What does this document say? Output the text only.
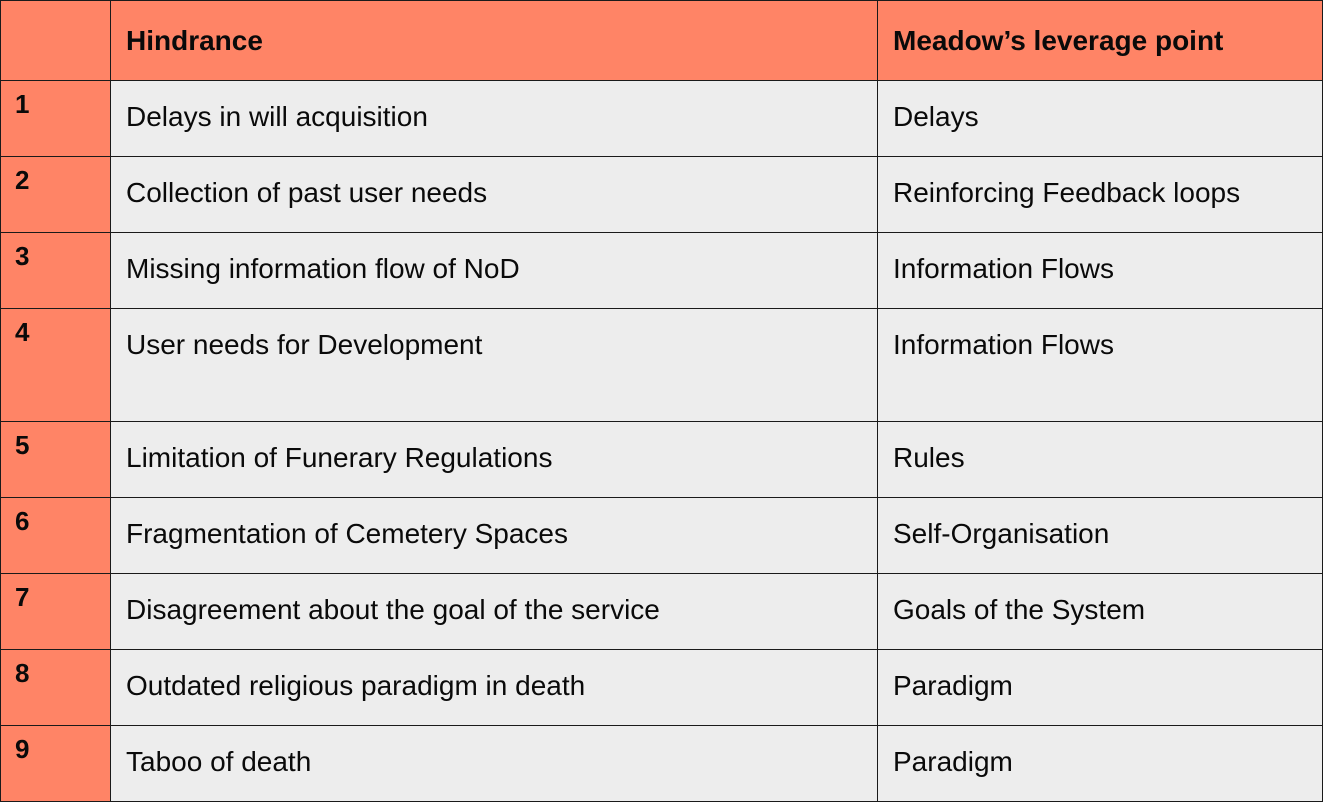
	Hindrance	Meadow’s leverage point
1	Delays in will acquisition	Delays
2	Collection of past user needs	Reinforcing Feedback loops
3	Missing information flow of NoD	Information Flows
4	User needs for Development	Information Flows
5	Limitation of Funerary Regulations	Rules
6	Fragmentation of Cemetery Spaces	Self-Organisation
7	Disagreement about the goal of the service	Goals of the System
8	Outdated religious paradigm in death	Paradigm
9	Taboo of death	Paradigm
